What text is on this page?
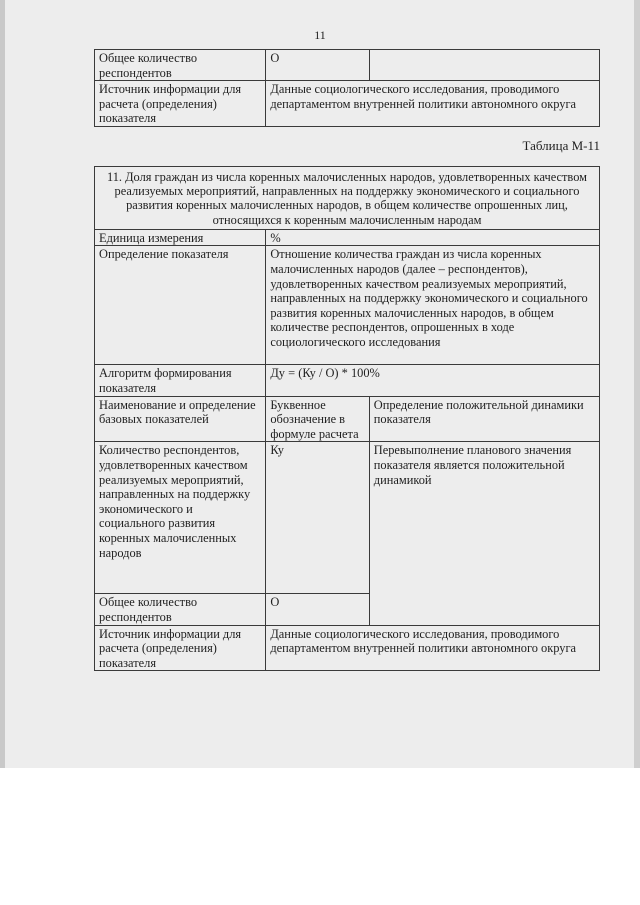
11
Общее количество респондентов	О	
Источник информации для расчета (определения) показателя	Данные социологического исследования, проводимого департаментом внутренней политики автономного округа	
Таблица М-11
11. Доля граждан из числа коренных малочисленных народов, удовлетворенных качеством реализуемых мероприятий, направленных на поддержку экономического и социального развития коренных малочисленных народов, в общем количестве опрошенных лиц, относящихся к коренным малочисленным народам		
Единица измерения	%	
Определение показателя	Отношение количества граждан из числа коренных малочисленных народов (далее – респондентов), удовлетворенных качеством реализуемых мероприятий, направленных на поддержку экономического и социального развития коренных малочисленных народов, в общем количестве респондентов, опрошенных в ходе социологического исследования	
Алгоритм формирования показателя	Ду = (Ку / О) * 100%	
Наименование и определение базовых показателей	Буквенное обозначение в формуле расчета	Определение положительной динамики показателя
Количество респондентов, удовлетворенных качеством реализуемых мероприятий, направленных на поддержку экономического и социального развития коренных малочисленных народов	Ку	Перевыполнение планового значения показателя является положительной динамикой
Общее количество респондентов	О	
Источник информации для расчета (определения) показателя	Данные социологического исследования, проводимого департаментом внутренней политики автономного округа	
